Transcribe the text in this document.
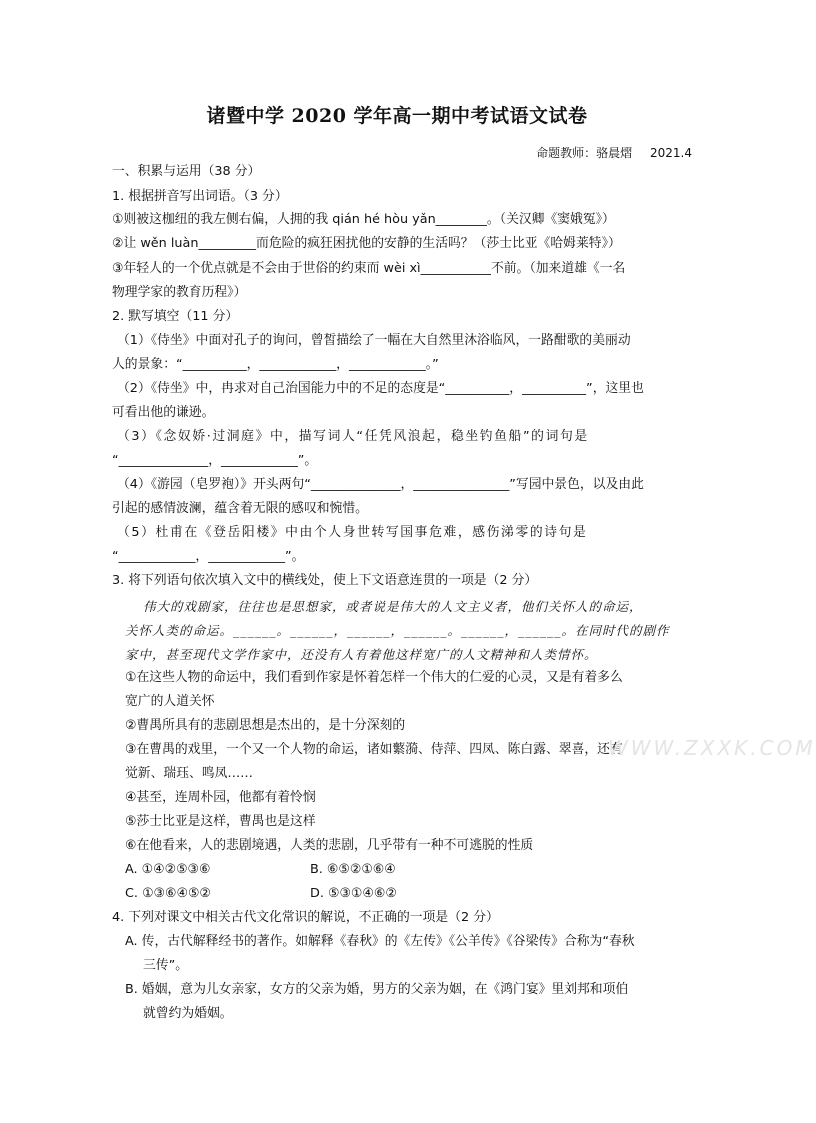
诸暨中学 2020 学年高一期中考试语文试卷
命题教师：骆晨熠 2021.4
一、积累与运用（38 分）
1. 根据拼音写出词语。（3 分）
①则被这枷纽的我左侧右偏，人拥的我 qián hé hòu yǎn________。（关汉卿《窦娥冤》）
②让 wěn luàn_________而危险的疯狂困扰他的安静的生活吗？（莎士比亚《哈姆莱特》）
③年轻人的一个优点就是不会由于世俗的约束而 wèi xì___________不前。（加来道雄《一名
物理学家的教育历程》）
2. 默写填空（11 分）
（1）《侍坐》中面对孔子的询问，曾皙描绘了一幅在大自然里沐浴临风，一路酣歌的美丽动
人的景象：“__________，____________，____________。”
（2）《侍坐》中，冉求对自己治国能力中的不足的态度是“__________，__________”，这里也
可看出他的谦逊。
（3）《念奴娇·过洞庭》中，描写词人“任凭风浪起，稳坐钓鱼船”的词句是
“______________，____________”。
（4）《游园（皂罗袍）》开头两句“______________，_______________”写园中景色，以及由此
引起的感情波澜，蕴含着无限的感叹和惋惜。
（5）杜甫在《登岳阳楼》中由个人身世转写国事危难，感伤涕零的诗句是
“____________，____________”。
3. 将下列语句依次填入文中的横线处，使上下文语意连贯的一项是（2 分）
伟大的戏剧家，往往也是思想家，或者说是伟大的人文主义者，他们关怀人的命运，
关怀人类的命运。______。______，______，______。______，______。在同时代的剧作
家中，甚至现代文学作家中，还没有人有着他这样宽广的人文精神和人类情怀。
①在这些人物的命运中，我们看到作家是怀着怎样一个伟大的仁爱的心灵，又是有着多么
宽广的人道关怀
②曹禺所具有的悲剧思想是杰出的，是十分深刻的
③在曹禺的戏里，一个又一个人物的命运，诸如蘩漪、侍萍、四凤、陈白露、翠喜，还有
觉新、瑞珏、鸣凤……
④甚至，连周朴园，他都有着怜悯
⑤莎士比亚是这样，曹禺也是这样
⑥在他看来，人的悲剧境遇，人类的悲剧，几乎带有一种不可逃脱的性质
A. ①④②⑤③⑥	B. ⑥⑤②①⑥④
C. ①③⑥④⑤②	D. ⑤③①④⑥②
4. 下列对课文中相关古代文化常识的解说，不正确的一项是（2 分）
A. 传，古代解释经书的著作。如解释《春秋》的《左传》《公羊传》《谷梁传》合称为“春秋
三传”。
B. 婚姻，意为儿女亲家，女方的父亲为婚，男方的父亲为姻，在《鸿门宴》里刘邦和项伯
就曾约为婚姻。
WWW.ZXXK.COM
